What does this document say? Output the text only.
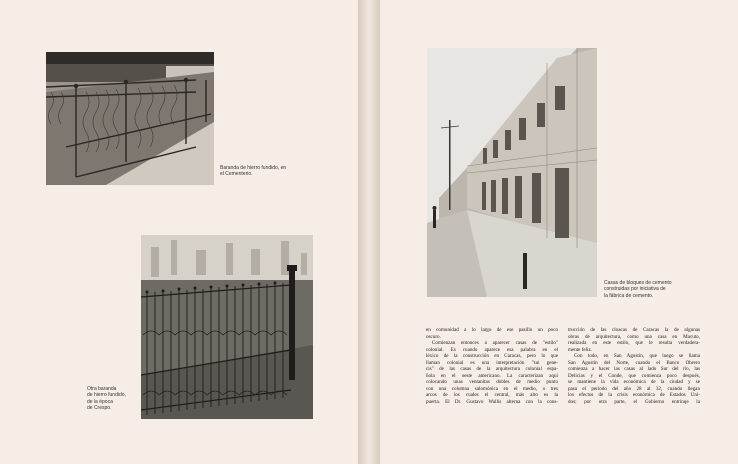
Baranda de hierro fundido, en
el Cementerio.
Otra baranda
de hierro fundido,
de la época
de Crespo.
Casas de bloques de cemento
construidas por iniciativa de
la fábrica de cemento.
en comunidad a lo largo de ese pasillo un poco
oscuro.
Comienzan entonces a aparecer casas de "estilo"
colonial. Es cuando aparece esa palabra en el
léxico de la construcción en Caracas, pero lo que
llaman colonial es una interpretación "sui gene-
cis" de las casas de la arquitectura colonial espa-
ñola en el oeste americano. La caracterizan aquí
colocando unas ventanitas dobles de medio punto
con una columna salomónica en el medio, o tres
arcos de los cuales el central, más alto es la
puerta. El Dr. Gustavo Wallis alterna con la cons-
trucción de las cloacas de Caracas la de algunas
obras de arquitectura, como una casa en Macuto,
realizada en este estilo, que le resulta verdadera-
mente feliz.
Con todo, en San Agustín, que luego se llama
San Agustín del Norte, cuando el Banco Obrero
comienza a hacer las casas al lado Sur del río, las
Delicias y el Conde, que comienza poco después,
se mantiene la vida económica de la ciudad y se
pasa el período del año 28 al 32, cuando llegan
los efectos de la crisis económica de Estados Uni-
dos; por otra parte, el Gobierno entrinqe la
